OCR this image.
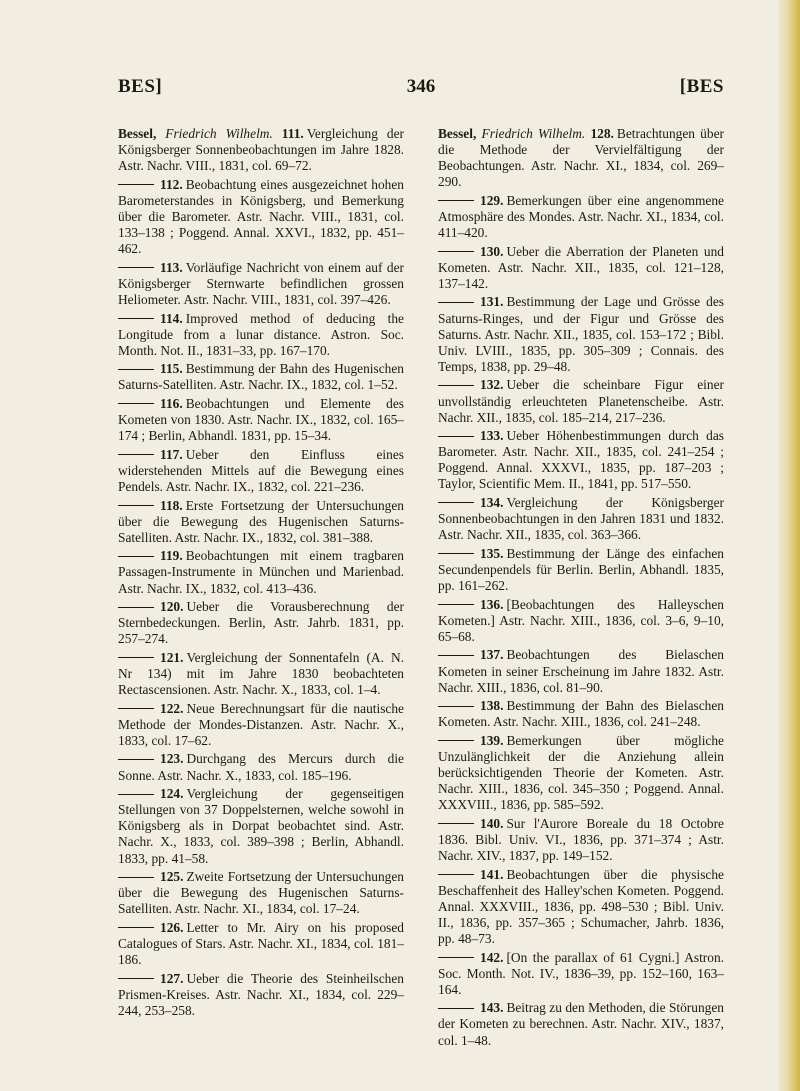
BES]	346	[BES

Bessel, Friedrich Wilhelm. 111. Vergleichung der Königsberger Sonnenbeobachtungen im Jahre 1828. Astr. Nachr. VIII., 1831, col. 69–72.

112. Beobachtung eines ausgezeichnet hohen Barometerstandes in Königsberg, und Bemerkung über die Barometer. Astr. Nachr. VIII., 1831, col. 133–138 ; Poggend. Annal. XXVI., 1832, pp. 451–462.

113. Vorläufige Nachricht von einem auf der Königsberger Sternwarte befindlichen grossen Heliometer. Astr. Nachr. VIII., 1831, col. 397–426.

114. Improved method of deducing the Longitude from a lunar distance. Astron. Soc. Month. Not. II., 1831–33, pp. 167–170.

115. Bestimmung der Bahn des Hugenischen Saturns-Satelliten. Astr. Nachr. IX., 1832, col. 1–52.

116. Beobachtungen und Elemente des Kometen von 1830. Astr. Nachr. IX., 1832, col. 165–174 ; Berlin, Abhandl. 1831, pp. 15–34.

117. Ueber den Einfluss eines widerstehenden Mittels auf die Bewegung eines Pendels. Astr. Nachr. IX., 1832, col. 221–236.

118. Erste Fortsetzung der Untersuchungen über die Bewegung des Hugenischen Saturns-Satelliten. Astr. Nachr. IX., 1832, col. 381–388.

119. Beobachtungen mit einem tragbaren Passagen-Instrumente in München und Marienbad. Astr. Nachr. IX., 1832, col. 413–436.

120. Ueber die Vorausberechnung der Sternbedeckungen. Berlin, Astr. Jahrb. 1831, pp. 257–274.

121. Vergleichung der Sonnentafeln (A. N. Nr 134) mit im Jahre 1830 beobachteten Rectascensionen. Astr. Nachr. X., 1833, col. 1–4.

122. Neue Berechnungsart für die nautische Methode der Mondes-Distanzen. Astr. Nachr. X., 1833, col. 17–62.

123. Durchgang des Mercurs durch die Sonne. Astr. Nachr. X., 1833, col. 185–196.

124. Vergleichung der gegenseitigen Stellungen von 37 Doppelsternen, welche sowohl in Königsberg als in Dorpat beobachtet sind. Astr. Nachr. X., 1833, col. 389–398 ; Berlin, Abhandl. 1833, pp. 41–58.

125. Zweite Fortsetzung der Untersuchungen über die Bewegung des Hugenischen Saturns-Satelliten. Astr. Nachr. XI., 1834, col. 17–24.

126. Letter to Mr. Airy on his proposed Catalogues of Stars. Astr. Nachr. XI., 1834, col. 181–186.

127. Ueber die Theorie des Steinheilschen Prismen-Kreises. Astr. Nachr. XI., 1834, col. 229–244, 253–258.

Bessel, Friedrich Wilhelm. 128. Betrachtungen über die Methode der Vervielfältigung der Beobachtungen. Astr. Nachr. XI., 1834, col. 269–290.

129. Bemerkungen über eine angenommene Atmosphäre des Mondes. Astr. Nachr. XI., 1834, col. 411–420.

130. Ueber die Aberration der Planeten und Kometen. Astr. Nachr. XII., 1835, col. 121–128, 137–142.

131. Bestimmung der Lage und Grösse des Saturns-Ringes, und der Figur und Grösse des Saturns. Astr. Nachr. XII., 1835, col. 153–172 ; Bibl. Univ. LVIII., 1835, pp. 305–309 ; Connais. des Temps, 1838, pp. 29–48.

132. Ueber die scheinbare Figur einer unvollständig erleuchteten Planetenscheibe. Astr. Nachr. XII., 1835, col. 185–214, 217–236.

133. Ueber Höhenbestimmungen durch das Barometer. Astr. Nachr. XII., 1835, col. 241–254 ; Poggend. Annal. XXXVI., 1835, pp. 187–203 ; Taylor, Scientific Mem. II., 1841, pp. 517–550.

134. Vergleichung der Königsberger Sonnenbeobachtungen in den Jahren 1831 und 1832. Astr. Nachr. XII., 1835, col. 363–366.

135. Bestimmung der Länge des einfachen Secundenpendels für Berlin. Berlin, Abhandl. 1835, pp. 161–262.

136. [Beobachtungen des Halleyschen Kometen.] Astr. Nachr. XIII., 1836, col. 3–6, 9–10, 65–68.

137. Beobachtungen des Bielaschen Kometen in seiner Erscheinung im Jahre 1832. Astr. Nachr. XIII., 1836, col. 81–90.

138. Bestimmung der Bahn des Bielaschen Kometen. Astr. Nachr. XIII., 1836, col. 241–248.

139. Bemerkungen über mögliche Unzulänglichkeit der die Anziehung allein berücksichtigenden Theorie der Kometen. Astr. Nachr. XIII., 1836, col. 345–350 ; Poggend. Annal. XXXVIII., 1836, pp. 585–592.

140. Sur l'Aurore Boreale du 18 Octobre 1836. Bibl. Univ. VI., 1836, pp. 371–374 ; Astr. Nachr. XIV., 1837, pp. 149–152.

141. Beobachtungen über die physische Beschaffenheit des Halley'schen Kometen. Poggend. Annal. XXXVIII., 1836, pp. 498–530 ; Bibl. Univ. II., 1836, pp. 357–365 ; Schumacher, Jahrb. 1836, pp. 48–73.

142. [On the parallax of 61 Cygni.] Astron. Soc. Month. Not. IV., 1836–39, pp. 152–160, 163–164.

143. Beitrag zu den Methoden, die Störungen der Kometen zu berechnen. Astr. Nachr. XIV., 1837, col. 1–48.
